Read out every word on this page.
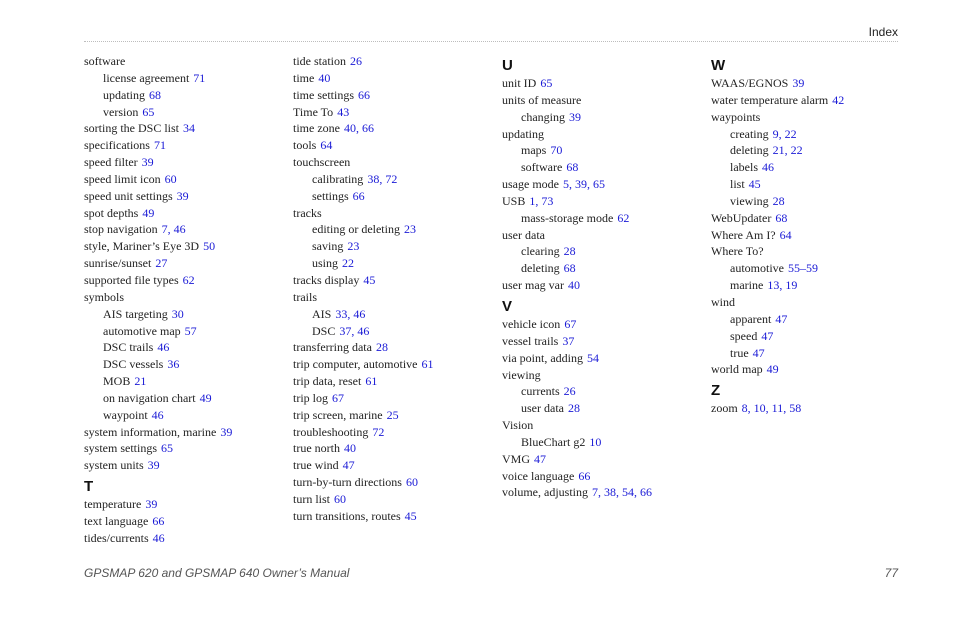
Index
software
license agreement 71
updating 68
version 65
sorting the DSC list 34
specifications 71
speed filter 39
speed limit icon 60
speed unit settings 39
spot depths 49
stop navigation 7, 46
style, Mariner’s Eye 3D 50
sunrise/sunset 27
supported file types 62
symbols
AIS targeting 30
automotive map 57
DSC trails 46
DSC vessels 36
MOB 21
on navigation chart 49
waypoint 46
system information, marine 39
system settings 65
system units 39
T
temperature 39
text language 66
tides/currents 46
tide station 26
time 40
time settings 66
Time To 43
time zone 40, 66
tools 64
touchscreen
calibrating 38, 72
settings 66
tracks
editing or deleting 23
saving 23
using 22
tracks display 45
trails
AIS 33, 46
DSC 37, 46
transferring data 28
trip computer, automotive 61
trip data, reset 61
trip log 67
trip screen, marine 25
troubleshooting 72
true north 40
true wind 47
turn-by-turn directions 60
turn list 60
turn transitions, routes 45
U
unit ID 65
units of measure
changing 39
updating
maps 70
software 68
usage mode 5, 39, 65
USB 1, 73
mass-storage mode 62
user data
clearing 28
deleting 68
user mag var 40
V
vehicle icon 67
vessel trails 37
via point, adding 54
viewing
currents 26
user data 28
Vision
BlueChart g2 10
VMG 47
voice language 66
volume, adjusting 7, 38, 54, 66
W
WAAS/EGNOS 39
water temperature alarm 42
waypoints
creating 9, 22
deleting 21, 22
labels 46
list 45
viewing 28
WebUpdater 68
Where Am I? 64
Where To?
automotive 55–59
marine 13, 19
wind
apparent 47
speed 47
true 47
world map 49
Z
zoom 8, 10, 11, 58
GPSMAP 620 and GPSMAP 640 Owner’s Manual	77
